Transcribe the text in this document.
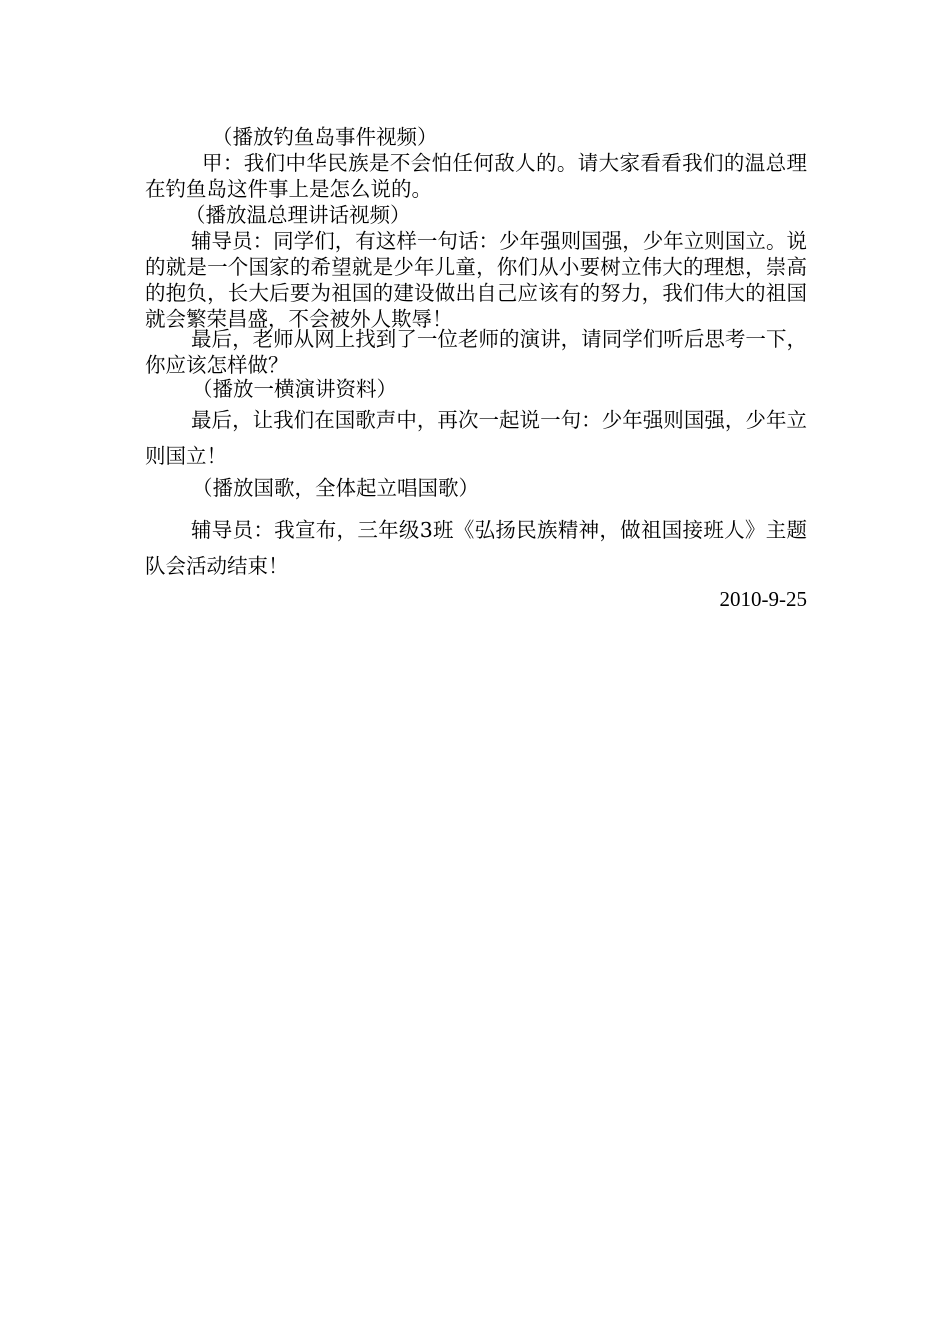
（播放钓鱼岛事件视频）
甲：我们中华民族是不会怕任何敌人的。请大家看看我们的温总理在钓鱼岛这件事上是怎么说的。
（播放温总理讲话视频）
辅导员：同学们，有这样一句话：少年强则国强，少年立则国立。说的就是一个国家的希望就是少年儿童，你们从小要树立伟大的理想，崇高的抱负，长大后要为祖国的建设做出自己应该有的努力，我们伟大的祖国就会繁荣昌盛，不会被外人欺辱！
最后，老师从网上找到了一位老师的演讲，请同学们听后思考一下，你应该怎样做？
（播放一横演讲资料）
最后，让我们在国歌声中，再次一起说一句：少年强则国强，少年立则国立！
（播放国歌，全体起立唱国歌）
辅导员：我宣布，三年级3班《弘扬民族精神，做祖国接班人》主题队会活动结束！
2010-9-25
